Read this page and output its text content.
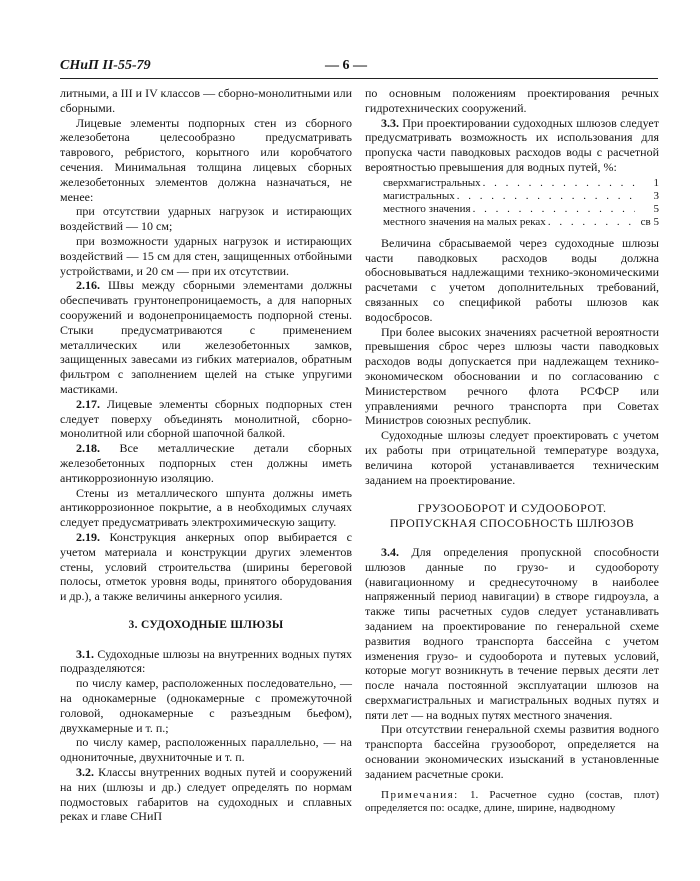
СНиП II-55-79	— 6 —

литными, а III и IV классов — сборно-монолитными или сборными.

Лицевые элементы подпорных стен из сборного железобетона целесообразно предусматривать таврового, ребристого, корытного или коробчатого сечения. Минимальная толщина лицевых сборных железобетонных элементов должна назначаться, не менее:

при отсутствии ударных нагрузок и истирающих воздействий — 10 см;

при возможности ударных нагрузок и истирающих воздействий — 15 см для стен, защищенных отбойными устройствами, и 20 см — при их отсутствии.

2.16. Швы между сборными элементами должны обеспечивать грунтонепроницаемость, а для напорных сооружений и водонепроницаемость подпорной стены. Стыки предусматриваются с применением металлических или железобетонных замков, защищенных завесами из гибких материалов, обратным фильтром с заполнением щелей на стыке упругими мастиками.

2.17. Лицевые элементы сборных подпорных стен следует поверху объединять монолитной, сборно-монолитной или сборной шапочной балкой.

2.18. Все металлические детали сборных железобетонных подпорных стен должны иметь антикоррозионную изоляцию.

Стены из металлического шпунта должны иметь антикоррозионное покрытие, а в необходимых случаях следует предусматривать электрохимическую защиту.

2.19. Конструкция анкерных опор выбирается с учетом материала и конструкции других элементов стены, условий строительства (ширины береговой полосы, отметок уровня воды, принятого оборудования и др.), а также величины анкерного усилия.

3. СУДОХОДНЫЕ ШЛЮЗЫ

3.1. Судоходные шлюзы на внутренних водных путях подразделяются:

по числу камер, расположенных последовательно, — на однокамерные (однокамерные с промежуточной головой, однокамерные с разъездным бьефом), двухкамерные и т. п.;

по числу камер, расположенных параллельно, — на однониточные, двухниточные и т. п.

3.2. Классы внутренних водных путей и сооружений на них (шлюзы и др.) следует определять по нормам подмостовых габаритов на судоходных и сплавных реках и главе СНиП

по основным положениям проектирования речных гидротехнических сооружений.

3.3. При проектировании судоходных шлюзов следует предусматривать возможность их использования для пропуска части паводковых расходов воды с расчетной вероятностью превышения для водных путей, %:

сверхмагистральных . . .	1
магистральных . . .	3
местного значения . . .	5
местного значения на малых реках . . .	св 5

Величина сбрасываемой через судоходные шлюзы части паводковых расходов воды должна обосновываться надлежащими технико-экономическими расчетами с учетом дополнительных требований, связанных со спецификой работы шлюзов как водосбросов.

При более высоких значениях расчетной вероятности превышения сброс через шлюзы части паводковых расходов воды допускается при надлежащем технико-экономическом обосновании и по согласованию с Министерством речного флота РСФСР или управлениями речного транспорта при Советах Министров союзных республик.

Судоходные шлюзы следует проектировать с учетом их работы при отрицательной температуре воздуха, величина которой устанавливается техническим заданием на проектирование.

ГРУЗООБОРОТ И СУДООБОРОТ.
ПРОПУСКНАЯ СПОСОБНОСТЬ ШЛЮЗОВ

3.4. Для определения пропускной способности шлюзов данные по грузо- и судообороту (навигационному и среднесуточному в наиболее напряженный период навигации) в створе гидроузла, а также типы расчетных судов следует устанавливать заданием на проектирование по генеральной схеме развития водного транспорта бассейна с учетом изменения грузо- и судооборота и путевых условий, которые могут возникнуть в течение первых десяти лет после начала постоянной эксплуатации шлюзов на сверхмагистральных и магистральных водных путях и пяти лет — на водных путях местного значения.

При отсутствии генеральной схемы развития водного транспорта бассейна грузооборот, определяется на основании экономических изысканий в установленные заданием расчетные сроки.

Примечания: 1. Расчетное судно (состав, плот) определяется по: осадке, длине, ширине, надводному
